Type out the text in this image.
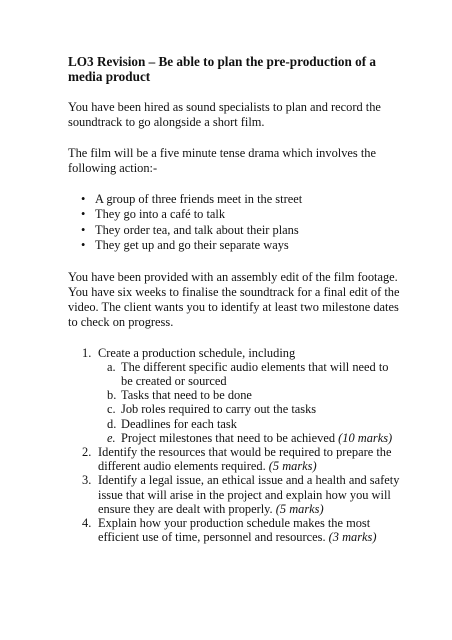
LO3 Revision – Be able to plan the pre-production of a media product

You have been hired as sound specialists to plan and record the soundtrack to go alongside a short film.

The film will be a five minute tense drama which involves the following action:-

• A group of three friends meet in the street
• They go into a café to talk
• They order tea, and talk about their plans
• They get up and go their separate ways

You have been provided with an assembly edit of the film footage. You have six weeks to finalise the soundtrack for a final edit of the video. The client wants you to identify at least two milestone dates to check on progress.

1. Create a production schedule, including
a. The different specific audio elements that will need to be created or sourced
b. Tasks that need to be done
c. Job roles required to carry out the tasks
d. Deadlines for each task
e. Project milestones that need to be achieved (10 marks)
2. Identify the resources that would be required to prepare the different audio elements required. (5 marks)
3. Identify a legal issue, an ethical issue and a health and safety issue that will arise in the project and explain how you will ensure they are dealt with properly. (5 marks)
4. Explain how your production schedule makes the most efficient use of time, personnel and resources. (3 marks)
